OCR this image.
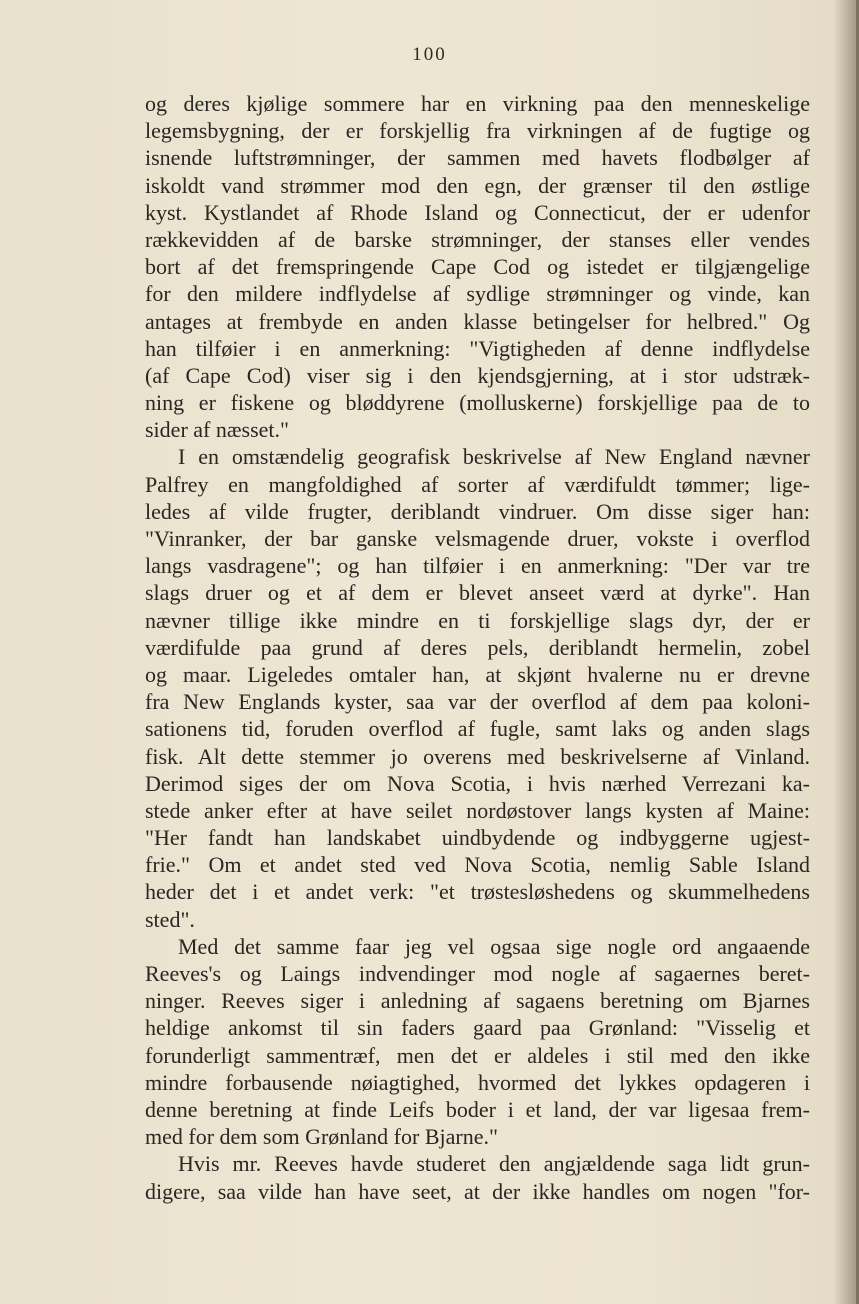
100
og deres kjølige sommere har en virkning paa den menneskelige
legemsbygning, der er forskjellig fra virkningen af de fugtige og
isnende luftstrømninger, der sammen med havets flodbølger af
iskoldt vand strømmer mod den egn, der grænser til den østlige
kyst. Kystlandet af Rhode Island og Connecticut, der er udenfor
rækkevidden af de barske strømninger, der stanses eller vendes
bort af det fremspringende Cape Cod og istedet er tilgjængelige
for den mildere indflydelse af sydlige strømninger og vinde, kan
antages at frembyde en anden klasse betingelser for helbred." Og
han tilføier i en anmerkning: "Vigtigheden af denne indflydelse
(af Cape Cod) viser sig i den kjendsgjerning, at i stor udstræk-
ning er fiskene og bløddyrene (molluskerne) forskjellige paa de to
sider af næsset."
I en omstændelig geografisk beskrivelse af New England nævner
Palfrey en mangfoldighed af sorter af værdifuldt tømmer; lige-
ledes af vilde frugter, deriblandt vindruer. Om disse siger han:
"Vinranker, der bar ganske velsmagende druer, vokste i overflod
langs vasdragene"; og han tilføier i en anmerkning: "Der var tre
slags druer og et af dem er blevet anseet værd at dyrke". Han
nævner tillige ikke mindre en ti forskjellige slags dyr, der er
værdifulde paa grund af deres pels, deriblandt hermelin, zobel
og maar. Ligeledes omtaler han, at skjønt hvalerne nu er drevne
fra New Englands kyster, saa var der overflod af dem paa koloni-
sationens tid, foruden overflod af fugle, samt laks og anden slags
fisk. Alt dette stemmer jo overens med beskrivelserne af Vinland.
Derimod siges der om Nova Scotia, i hvis nærhed Verrezani ka-
stede anker efter at have seilet nordøstover langs kysten af Maine:
"Her fandt han landskabet uindbydende og indbyggerne ugjest-
frie." Om et andet sted ved Nova Scotia, nemlig Sable Island
heder det i et andet verk: "et trøstesløshedens og skummelhedens
sted".
Med det samme faar jeg vel ogsaa sige nogle ord angaaende
Reeves's og Laings indvendinger mod nogle af sagaernes beret-
ninger. Reeves siger i anledning af sagaens beretning om Bjarnes
heldige ankomst til sin faders gaard paa Grønland: "Visselig et
forunderligt sammentræf, men det er aldeles i stil med den ikke
mindre forbausende nøiagtighed, hvormed det lykkes opdageren i
denne beretning at finde Leifs boder i et land, der var ligesaa frem-
med for dem som Grønland for Bjarne."
Hvis mr. Reeves havde studeret den angjældende saga lidt grun-
digere, saa vilde han have seet, at der ikke handles om nogen "for-
